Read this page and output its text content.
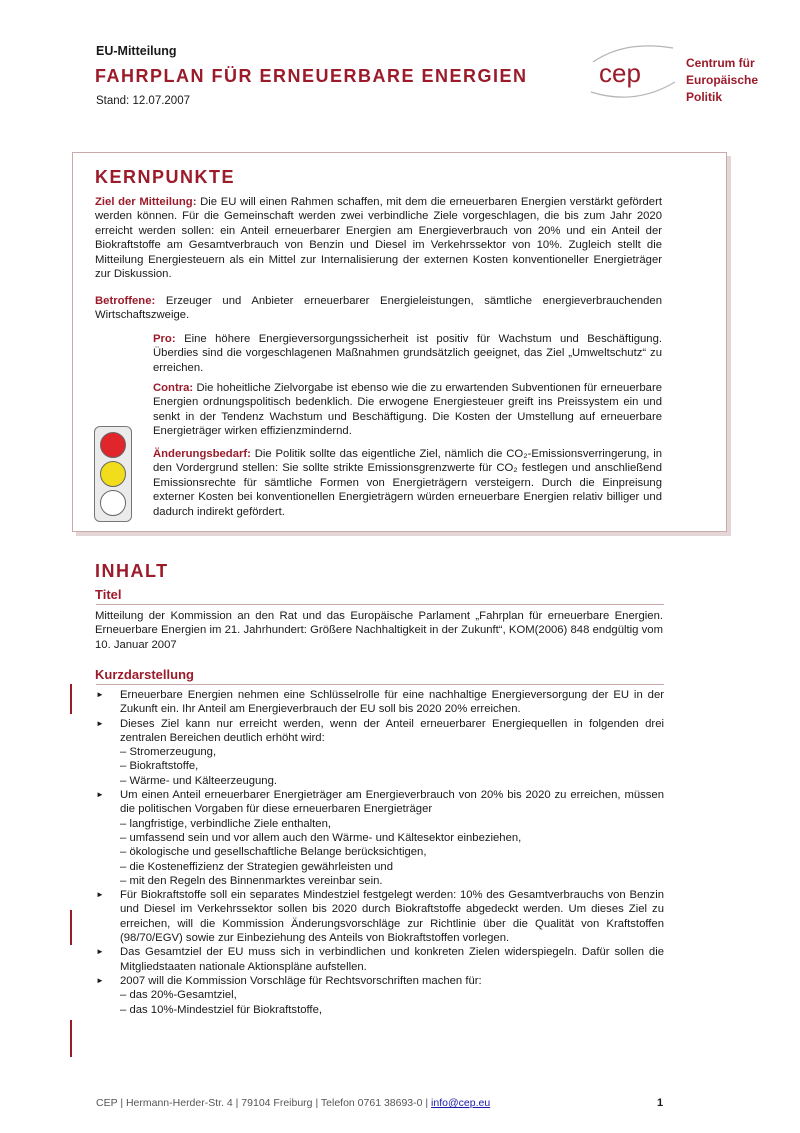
EU-Mitteilung
FAHRPLAN FÜR ERNEUERBARE ENERGIEN
Stand: 12.07.2007
cep	Centrum für
Europäische
Politik
KERNPUNKTE
Ziel der Mitteilung: Die EU will einen Rahmen schaffen, mit dem die erneuerbaren Energien verstärkt gefördert werden können. Für die Gemeinschaft werden zwei verbindliche Ziele vorgeschlagen, die bis zum Jahr 2020 erreicht werden sollen: ein Anteil erneuerbarer Energien am Energieverbrauch von 20% und ein Anteil der Biokraftstoffe am Gesamtverbrauch von Benzin und Diesel im Verkehrssektor von 10%. Zugleich stellt die Mitteilung Energiesteuern als ein Mittel zur Internalisierung der externen Kosten konventioneller Energieträger zur Diskussion.
Betroffene: Erzeuger und Anbieter erneuerbarer Energieleistungen, sämtliche energieverbrauchenden Wirtschaftszweige.
Pro: Eine höhere Energieversorgungssicherheit ist positiv für Wachstum und Beschäftigung. Überdies sind die vorgeschlagenen Maßnahmen grundsätzlich geeignet, das Ziel „Umweltschutz“ zu erreichen.
Contra: Die hoheitliche Zielvorgabe ist ebenso wie die zu erwartenden Subventionen für erneuerbare Energien ordnungspolitisch bedenklich. Die erwogene Energiesteuer greift ins Preissystem ein und senkt in der Tendenz Wachstum und Beschäftigung. Die Kosten der Umstellung auf erneuerbare Energieträger wirken effizienzmindernd.
Änderungsbedarf: Die Politik sollte das eigentliche Ziel, nämlich die CO₂-Emissionsverringerung, in den Vordergrund stellen: Sie sollte strikte Emissionsgrenzwerte für CO₂ festlegen und anschließend Emissionsrechte für sämtliche Formen von Energieträgern versteigern. Durch die Einpreisung externer Kosten bei konventionellen Energieträgern würden erneuerbare Energien relativ billiger und dadurch indirekt gefördert.
INHALT
Titel
Mitteilung der Kommission an den Rat und das Europäische Parlament „Fahrplan für erneuerbare Energien. Erneuerbare Energien im 21. Jahrhundert: Größere Nachhaltigkeit in der Zukunft“, KOM(2006) 848 endgültig vom 10. Januar 2007
Kurzdarstellung
► Erneuerbare Energien nehmen eine Schlüsselrolle für eine nachhaltige Energieversorgung der EU in der Zukunft ein. Ihr Anteil am Energieverbrauch der EU soll bis 2020 20% erreichen.
► Dieses Ziel kann nur erreicht werden, wenn der Anteil erneuerbarer Energiequellen in folgenden drei zentralen Bereichen deutlich erhöht wird:
– Stromerzeugung,
– Biokraftstoffe,
– Wärme- und Kälteerzeugung.
► Um einen Anteil erneuerbarer Energieträger am Energieverbrauch von 20% bis 2020 zu erreichen, müssen die politischen Vorgaben für diese erneuerbaren Energieträger
– langfristige, verbindliche Ziele enthalten,
– umfassend sein und vor allem auch den Wärme- und Kältesektor einbeziehen,
– ökologische und gesellschaftliche Belange berücksichtigen,
– die Kosteneffizienz der Strategien gewährleisten und
– mit den Regeln des Binnenmarktes vereinbar sein.
► Für Biokraftstoffe soll ein separates Mindestziel festgelegt werden: 10% des Gesamtverbrauchs von Benzin und Diesel im Verkehrssektor sollen bis 2020 durch Biokraftstoffe abgedeckt werden. Um dieses Ziel zu erreichen, will die Kommission Änderungsvorschläge zur Richtlinie über die Qualität von Kraftstoffen (98/70/EGV) sowie zur Einbeziehung des Anteils von Biokraftstoffen vorlegen.
► Das Gesamtziel der EU muss sich in verbindlichen und konkreten Zielen widerspiegeln. Dafür sollen die Mitgliedstaaten nationale Aktionspläne aufstellen.
► 2007 will die Kommission Vorschläge für Rechtsvorschriften machen für:
– das 20%-Gesamtziel,
– das 10%-Mindestziel für Biokraftstoffe,
CEP | Hermann-Herder-Str. 4 | 79104 Freiburg | Telefon 0761 38693-0 | info@cep.eu	1
